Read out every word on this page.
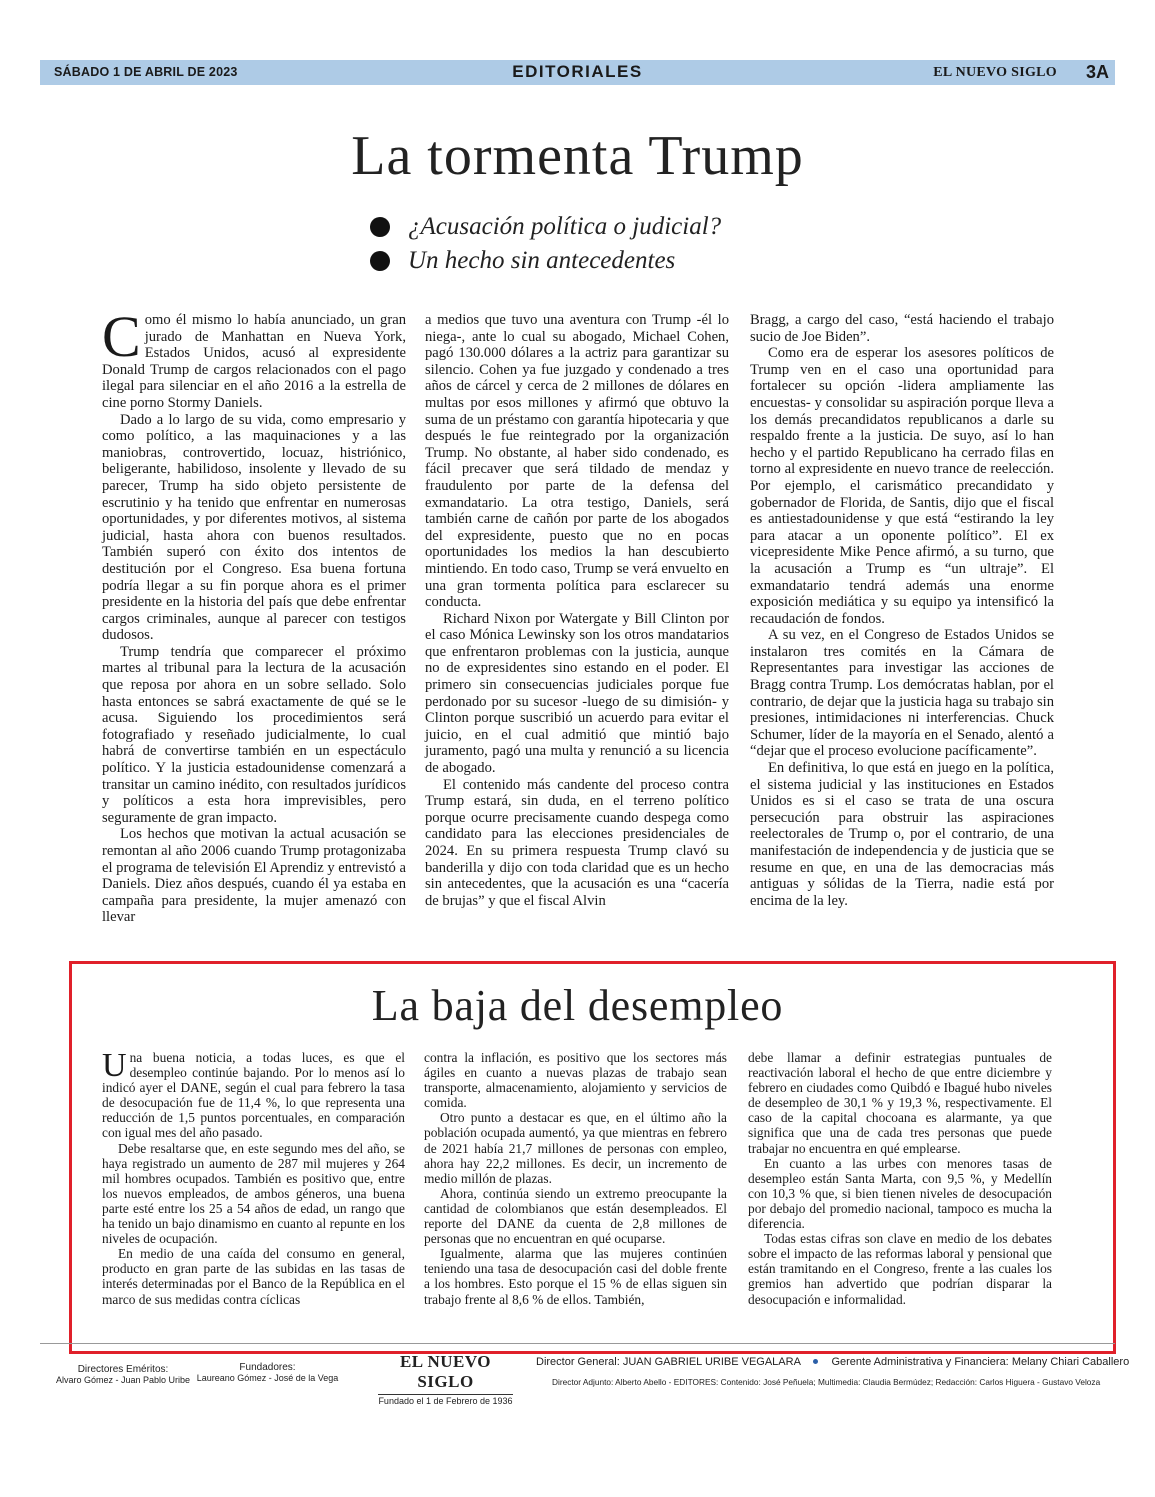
SÁBADO 1 DE ABRIL DE 2023	EDITORIALES	EL NUEVO SIGLO 3A
La tormenta Trump
¿Acusación política o judicial?
Un hecho sin antecedentes

Como él mismo lo había anunciado, un gran jurado de Manhattan en Nueva York, Estados Unidos, acusó al expresidente Donald Trump de cargos relacionados con el pago ilegal para silenciar en el año 2016 a la estrella de cine porno Stormy Daniels.

Dado a lo largo de su vida, como empresario y como político, a las maquinaciones y a las maniobras, controvertido, locuaz, histriónico, beligerante, habilidoso, insolente y llevado de su parecer, Trump ha sido objeto persistente de escrutinio y ha tenido que enfrentar en numerosas oportunidades, y por diferentes motivos, al sistema judicial, hasta ahora con buenos resultados. También superó con éxito dos intentos de destitución por el Congreso. Esa buena fortuna podría llegar a su fin porque ahora es el primer presidente en la historia del país que debe enfrentar cargos criminales, aunque al parecer con testigos dudosos.

Trump tendría que comparecer el próximo martes al tribunal para la lectura de la acusación que reposa por ahora en un sobre sellado. Solo hasta entonces se sabrá exactamente de qué se le acusa. Siguiendo los procedimientos será fotografiado y reseñado judicialmente, lo cual habrá de convertirse también en un espectáculo político. Y la justicia estadounidense comenzará a transitar un camino inédito, con resultados jurídicos y políticos a esta hora imprevisibles, pero seguramente de gran impacto.

Los hechos que motivan la actual acusación se remontan al año 2006 cuando Trump protagonizaba el programa de televisión El Aprendiz y entrevistó a Daniels. Diez años después, cuando él ya estaba en campaña para presidente, la mujer amenazó con llevar

a medios que tuvo una aventura con Trump -él lo niega-, ante lo cual su abogado, Michael Cohen, pagó 130.000 dólares a la actriz para garantizar su silencio. Cohen ya fue juzgado y condenado a tres años de cárcel y cerca de 2 millones de dólares en multas por esos millones y afirmó que obtuvo la suma de un préstamo con garantía hipotecaria y que después le fue reintegrado por la organización Trump. No obstante, al haber sido condenado, es fácil precaver que será tildado de mendaz y fraudulento por parte de la defensa del exmandatario. La otra testigo, Daniels, será también carne de cañón por parte de los abogados del expresidente, puesto que no en pocas oportunidades los medios la han descubierto mintiendo. En todo caso, Trump se verá envuelto en una gran tormenta política para esclarecer su conducta.

Richard Nixon por Watergate y Bill Clinton por el caso Mónica Lewinsky son los otros mandatarios que enfrentaron problemas con la justicia, aunque no de expresidentes sino estando en el poder. El primero sin consecuencias judiciales porque fue perdonado por su sucesor -luego de su dimisión- y Clinton porque suscribió un acuerdo para evitar el juicio, en el cual admitió que mintió bajo juramento, pagó una multa y renunció a su licencia de abogado.

El contenido más candente del proceso contra Trump estará, sin duda, en el terreno político porque ocurre precisamente cuando despega como candidato para las elecciones presidenciales de 2024. En su primera respuesta Trump clavó su banderilla y dijo con toda claridad que es un hecho sin antecedentes, que la acusación es una “cacería de brujas” y que el fiscal Alvin

Bragg, a cargo del caso, “está haciendo el trabajo sucio de Joe Biden”.

Como era de esperar los asesores políticos de Trump ven en el caso una oportunidad para fortalecer su opción -lidera ampliamente las encuestas- y consolidar su aspiración porque lleva a los demás precandidatos republicanos a darle su respaldo frente a la justicia. De suyo, así lo han hecho y el partido Republicano ha cerrado filas en torno al expresidente en nuevo trance de reelección. Por ejemplo, el carismático precandidato y gobernador de Florida, de Santis, dijo que el fiscal es antiestadounidense y que está “estirando la ley para atacar a un oponente político”. El ex vicepresidente Mike Pence afirmó, a su turno, que la acusación a Trump es “un ultraje”. El exmandatario tendrá además una enorme exposición mediática y su equipo ya intensificó la recaudación de fondos.

A su vez, en el Congreso de Estados Unidos se instalaron tres comités en la Cámara de Representantes para investigar las acciones de Bragg contra Trump. Los demócratas hablan, por el contrario, de dejar que la justicia haga su trabajo sin presiones, intimidaciones ni interferencias. Chuck Schumer, líder de la mayoría en el Senado, alentó a “dejar que el proceso evolucione pacíficamente”.

En definitiva, lo que está en juego en la política, el sistema judicial y las instituciones en Estados Unidos es si el caso se trata de una oscura persecución para obstruir las aspiraciones reelectorales de Trump o, por el contrario, de una manifestación de independencia y de justicia que se resume en que, en una de las democracias más antiguas y sólidas de la Tierra, nadie está por encima de la ley.

La baja del desempleo

Una buena noticia, a todas luces, es que el desempleo continúe bajando. Por lo menos así lo indicó ayer el DANE, según el cual para febrero la tasa de desocupación fue de 11,4 %, lo que representa una reducción de 1,5 puntos porcentuales, en comparación con igual mes del año pasado.

Debe resaltarse que, en este segundo mes del año, se haya registrado un aumento de 287 mil mujeres y 264 mil hombres ocupados. También es positivo que, entre los nuevos empleados, de ambos géneros, una buena parte esté entre los 25 a 54 años de edad, un rango que ha tenido un bajo dinamismo en cuanto al repunte en los niveles de ocupación.

En medio de una caída del consumo en general, producto en gran parte de las subidas en las tasas de interés determinadas por el Banco de la República en el marco de sus medidas contra cíclicas

contra la inflación, es positivo que los sectores más ágiles en cuanto a nuevas plazas de trabajo sean transporte, almacenamiento, alojamiento y servicios de comida.

Otro punto a destacar es que, en el último año la población ocupada aumentó, ya que mientras en febrero de 2021 había 21,7 millones de personas con empleo, ahora hay 22,2 millones. Es decir, un incremento de medio millón de plazas.

Ahora, continúa siendo un extremo preocupante la cantidad de colombianos que están desempleados. El reporte del DANE da cuenta de 2,8 millones de personas que no encuentran en qué ocuparse.

Igualmente, alarma que las mujeres continúen teniendo una tasa de desocupación casi del doble frente a los hombres. Esto porque el 15 % de ellas siguen sin trabajo frente al 8,6 % de ellos. También,

debe llamar a definir estrategias puntuales de reactivación laboral el hecho de que entre diciembre y febrero en ciudades como Quibdó e Ibagué hubo niveles de desempleo de 30,1 % y 19,3 %, respectivamente. El caso de la capital chocoana es alarmante, ya que significa que una de cada tres personas que puede trabajar no encuentra en qué emplearse.

En cuanto a las urbes con menores tasas de desempleo están Santa Marta, con 9,5 %, y Medellín con 10,3 % que, si bien tienen niveles de desocupación por debajo del promedio nacional, tampoco es mucha la diferencia.

Todas estas cifras son clave en medio de los debates sobre el impacto de las reformas laboral y pensional que están tramitando en el Congreso, frente a las cuales los gremios han advertido que podrían disparar la desocupación e informalidad.

Directores Eméritos:
Alvaro Gómez - Juan Pablo Uribe
Fundadores:
Laureano Gómez - José de la Vega
EL NUEVO SIGLO
Fundado el 1 de Febrero de 1936
Director General: JUAN GABRIEL URIBE VEGALARA	Gerente Administrativa y Financiera: Melany Chiari Caballero
Director Adjunto: Alberto Abello - EDITORES: Contenido: José Peñuela; Multimedia: Claudia Bermúdez; Redacción: Carlos Higuera - Gustavo Veloza
